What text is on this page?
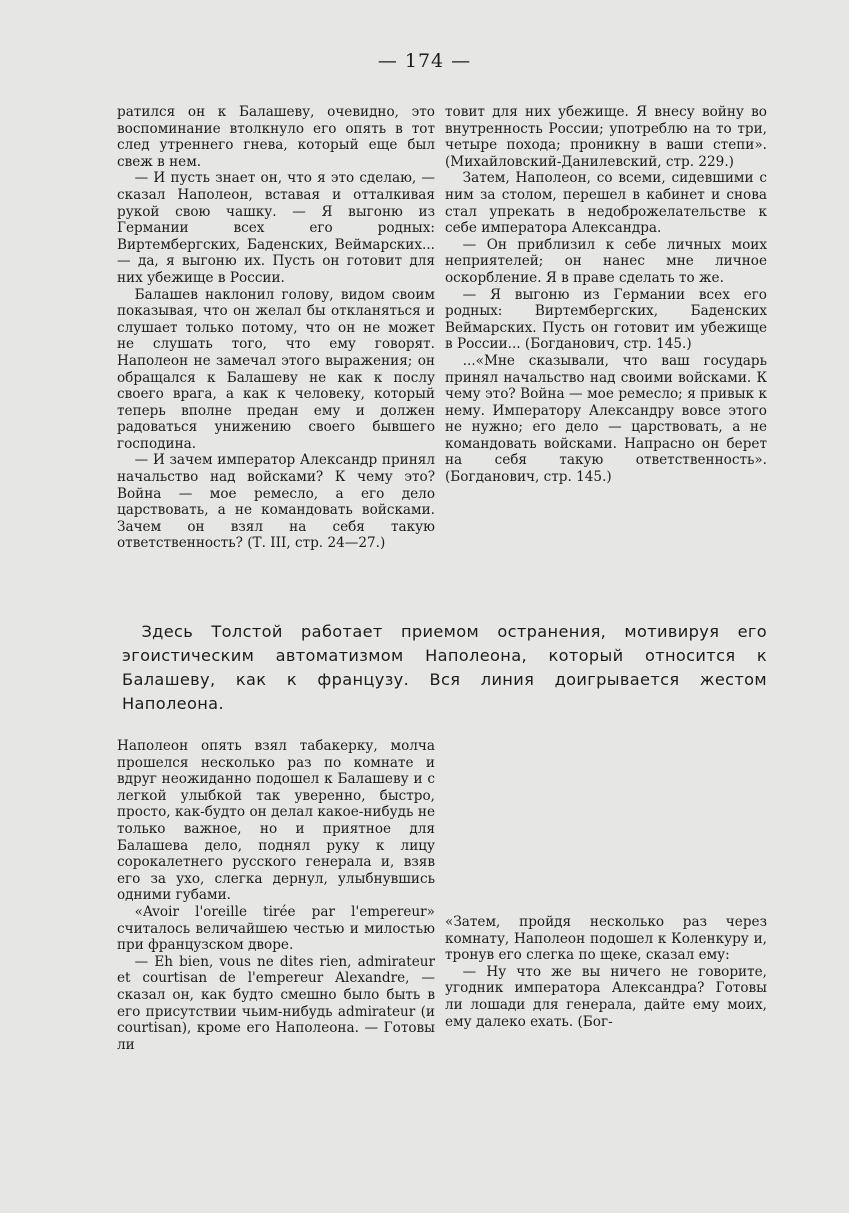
— 174 —

ратился он к Балашеву, очевидно, это воспоминание втолкнуло его опять в тот след утреннего гнева, который еще был свеж в нем.

— И пусть знает он, что я это сделаю, — сказал Наполеон, вставая и отталкивая рукой свою чашку. — Я выгоню из Германии всех его родных: Виртембергских, Баденских, Веймарских... — да, я выгоню их. Пусть он готовит для них убежище в России.

Балашев наклонил голову, видом своим показывая, что он желал бы откланяться и слушает только потому, что он не может не слушать того, что ему говорят. Наполеон не замечал этого выражения; он обращался к Балашеву не как к послу своего врага, а как к человеку, который теперь вполне предан ему и должен радоваться унижению своего бывшего господина.

— И зачем император Александр принял начальство над войсками? К чему это? Война — мое ремесло, а его дело царствовать, а не командовать войсками. Зачем он взял на себя такую ответственность? (Т. III, стр. 24—27.)

товит для них убежище. Я внесу войну во внутренность России; употреблю на то три, четыре похода; проникну в ваши степи». (Михайловский-Данилевский, стр. 229.)

Затем, Наполеон, со всеми, сидевшими с ним за столом, перешел в кабинет и снова стал упрекать в недоброжелательстве к себе императора Александра.

— Он приблизил к себе личных моих неприятелей; он нанес мне личное оскорбление. Я в праве сделать то же.

— Я выгоню из Германии всех его родных: Виртембергских, Баденских Веймарских. Пусть он готовит им убежище в России... (Богданович, стр. 145.)

...«Мне сказывали, что ваш государь принял начальство над своими войсками. К чему это? Война — мое ремесло; я привык к нему. Императору Александру вовсе этого не нужно; его дело — царствовать, а не командовать войсками. Напрасно он берет на себя такую ответственность». (Богданович, стр. 145.)

Здесь Толстой работает приемом остранения, мотивируя его эгоистическим автоматизмом Наполеона, который относится к Балашеву, как к французу. Вся линия доигрывается жестом Наполеона.

Наполеон опять взял табакерку, молча прошелся несколько раз по комнате и вдруг неожиданно подошел к Балашеву и с легкой улыбкой так уверенно, быстро, просто, как-будто он делал какое-нибудь не только важное, но и приятное для Балашева дело, поднял руку к лицу сорокалетнего русского генерала и, взяв его за ухо, слегка дернул, улыбнувшись одними губами.

«Avoir l'oreille tirée par l'empereur» считалось величайшею честью и милостью при французском дворе.

— Eh bien, vous ne dites rien, admirateur et courtisan de l'empereur Alexandre, — сказал он, как будто смешно было быть в его присутствии чьим-нибудь admirateur (и courtisan), кроме его Наполеона. — Готовы ли

«Затем, пройдя несколько раз через комнату, Наполеон подошел к Коленкуру и, тронув его слегка по щеке, сказал ему:

— Ну что же вы ничего не говорите, угодник императора Александра? Готовы ли лошади для генерала, дайте ему моих, ему далеко ехать. (Бог-
